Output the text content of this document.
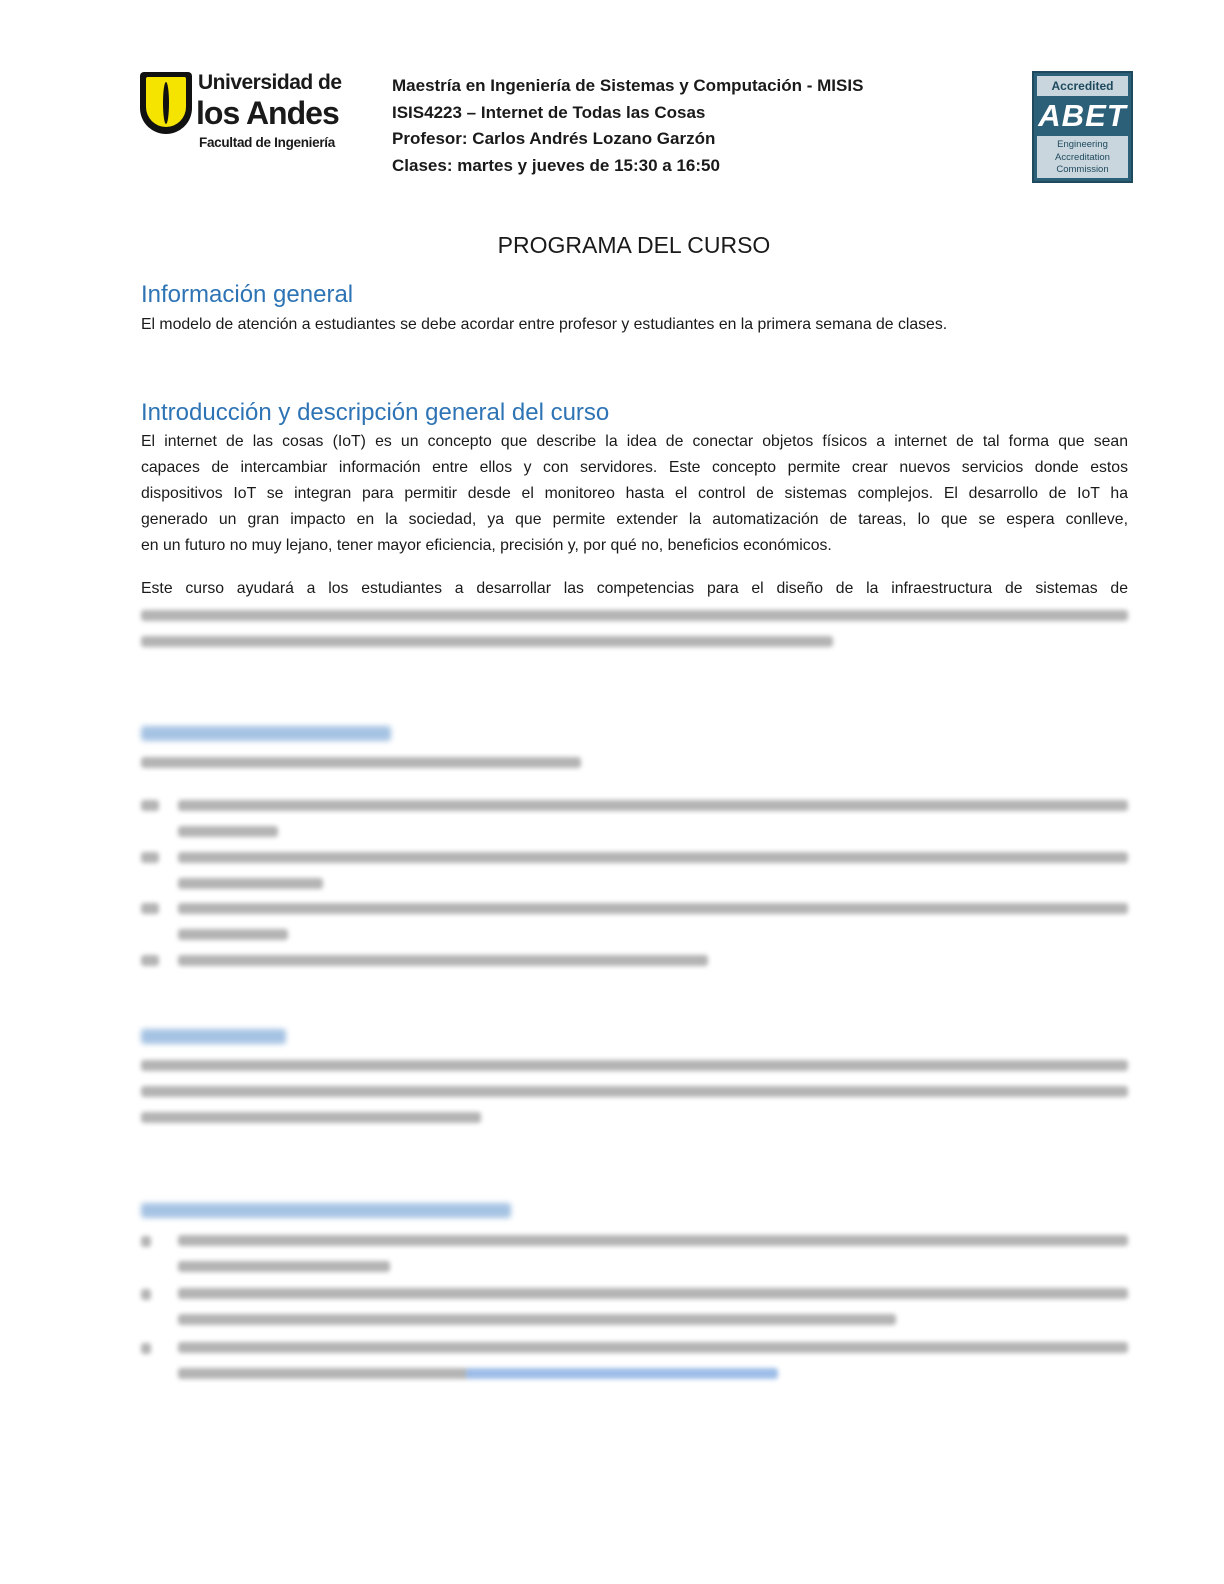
Universidad de
los Andes
Facultad de Ingeniería
Maestría en Ingeniería de Sistemas y Computación - MISIS
ISIS4223 – Internet de Todas las Cosas
Profesor: Carlos Andrés Lozano Garzón
Clases: martes y jueves de 15:30 a 16:50
Accredited
ABET
Engineering
Accreditation
Commission
PROGRAMA DEL CURSO
Información general
El modelo de atención a estudiantes se debe acordar entre profesor y estudiantes en la primera semana de clases.
Introducción y descripción general del curso
El internet de las cosas (IoT) es un concepto que describe la idea de conectar objetos físicos a internet de tal forma que sean
capaces de intercambiar información entre ellos y con servidores. Este concepto permite crear nuevos servicios donde estos
dispositivos IoT se integran para permitir desde el monitoreo hasta el control de sistemas complejos. El desarrollo de IoT ha
generado un gran impacto en la sociedad, ya que permite extender la automatización de tareas, lo que se espera conlleve,
en un futuro no muy lejano, tener mayor eficiencia, precisión y, por qué no, beneficios económicos.
Este curso ayudará a los estudiantes a desarrollar las competencias para el diseño de la infraestructura de sistemas de
